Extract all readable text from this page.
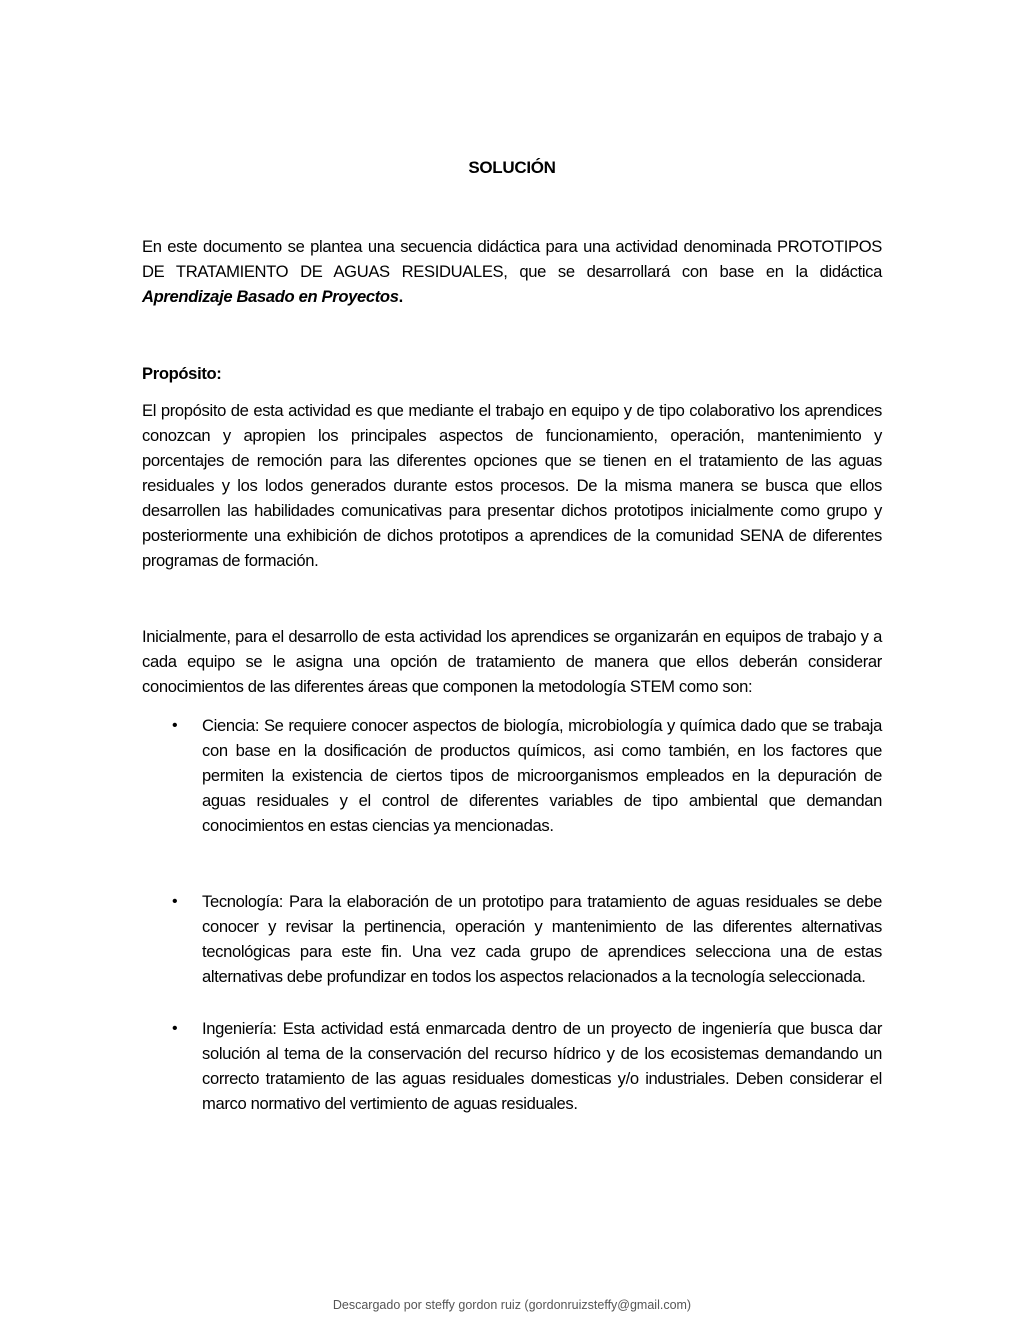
SOLUCIÓN
En este documento se plantea una secuencia didáctica para una actividad denominada PROTOTIPOS DE TRATAMIENTO DE AGUAS RESIDUALES, que se desarrollará con base en la didáctica Aprendizaje Basado en Proyectos.
Propósito:
El propósito de esta actividad es que mediante el trabajo en equipo y de tipo colaborativo los aprendices conozcan y apropien los principales aspectos de funcionamiento, operación, mantenimiento y porcentajes de remoción para las diferentes opciones que se tienen en el tratamiento de las aguas residuales y los lodos generados durante estos procesos. De la misma manera se busca que ellos desarrollen las habilidades comunicativas para presentar dichos prototipos inicialmente como grupo y posteriormente una exhibición de dichos prototipos a aprendices de la comunidad SENA de diferentes programas de formación.
Inicialmente, para el desarrollo de esta actividad los aprendices se organizarán en equipos de trabajo y a cada equipo se le asigna una opción de tratamiento de manera que ellos deberán considerar conocimientos de las diferentes áreas que componen la metodología STEM como son:
• Ciencia: Se requiere conocer aspectos de biología, microbiología y química dado que se trabaja con base en la dosificación de productos químicos, asi como también, en los factores que permiten la existencia de ciertos tipos de microorganismos empleados en la depuración de aguas residuales y el control de diferentes variables de tipo ambiental que demandan conocimientos en estas ciencias ya mencionadas.
• Tecnología: Para la elaboración de un prototipo para tratamiento de aguas residuales se debe conocer y revisar la pertinencia, operación y mantenimiento de las diferentes alternativas tecnológicas para este fin. Una vez cada grupo de aprendices selecciona una de estas alternativas debe profundizar en todos los aspectos relacionados a la tecnología seleccionada.
• Ingeniería: Esta actividad está enmarcada dentro de un proyecto de ingeniería que busca dar solución al tema de la conservación del recurso hídrico y de los ecosistemas demandando un correcto tratamiento de las aguas residuales domesticas y/o industriales. Deben considerar el marco normativo del vertimiento de aguas residuales.
Descargado por steffy gordon ruiz (gordonruizsteffy@gmail.com)
